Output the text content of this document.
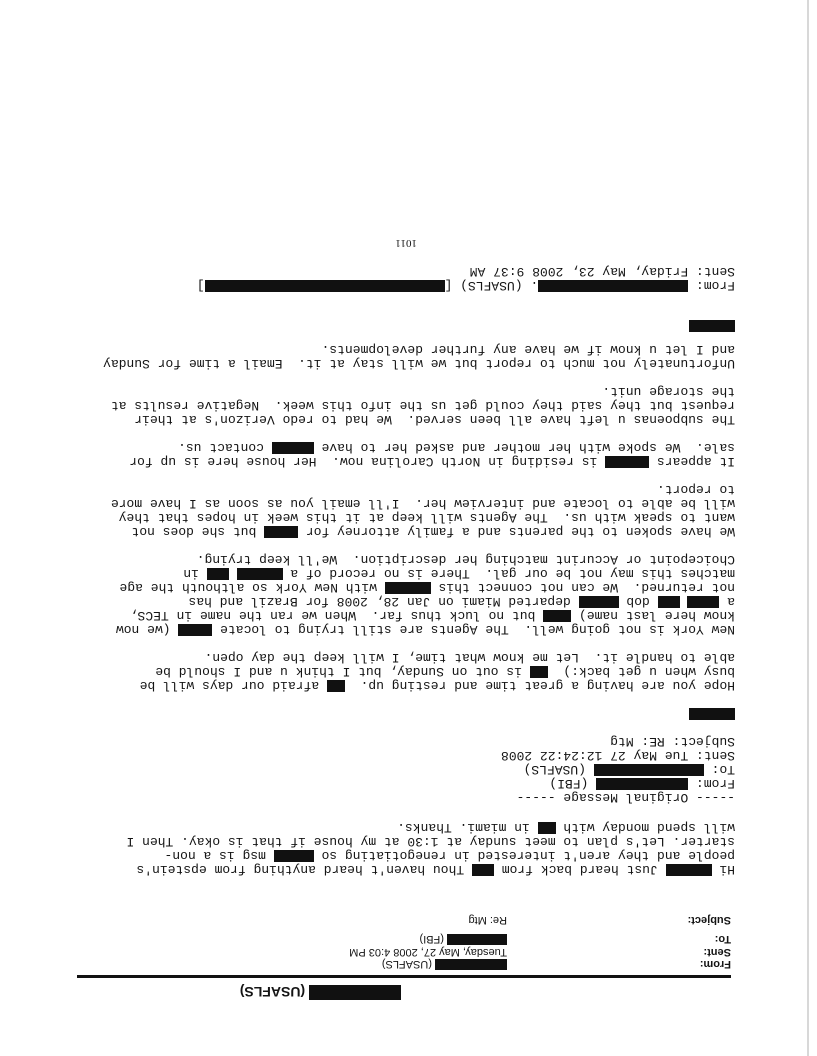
(USAFLS)
From:
(USAFLS)
Sent:
Tuesday, May 27, 2008 4:03 PM
To:
(FBI)
Subject:
Re: Mtg
Hi  Just heard back from  Thou haven't heard anything from epstein's
people and they aren't interested in renegotiating so  msg is a non-
starter. Let's plan to meet sunday at 1:30 at my house if that is okay. Then I
will spend monday with  in miami. Thanks.
----- Original Message -----
From:  (FBI)
To:  (USAFLS)
Sent: Tue May 27 12:24:22 2008
Subject: RE: Mtg
Hope you are having a great time and resting up.   afraid our days will be
busy when u get back:)   is out on Sunday, but I think u and I should be
able to handle it.  Let me know what time, I will keep the day open.
New York is not going well.  The Agents are still trying to locate  (we now
know here last name)  but no luck thus far.  When we ran the name in TECS,
a   dob  departed Miami on Jan 28, 2008 for Brazil and has
not returned.  We can not connect this  with New York so althouth the age
matches this may not be our gal.  There is no record of a   in
Choicepoint or Accurint matching her description.  We'll keep trying.
We have spoken to the parents and a family attorney for  but she does not
want to speak with us.  The Agents will keep at it this week in hopes that they
will be able to locate and interview her.  I'll email you as soon as I have more
to report.
It appears  is residing in North Carolina now.  Her house here is up for
sale.  We spoke with her mother and asked her to have  contact us.
The subpoenas u left have all been served.  We had to redo Verizon's at their
request but they said they could get us the info this week.  Negative results at
the storage unit.
Unfortunately not much to report but we will stay at it.  Email a time for Sunday
and I let u know if we have any further developments.
From: . (USAFLS) []
Sent: Friday, May 23, 2008 9:37 AM
1011
